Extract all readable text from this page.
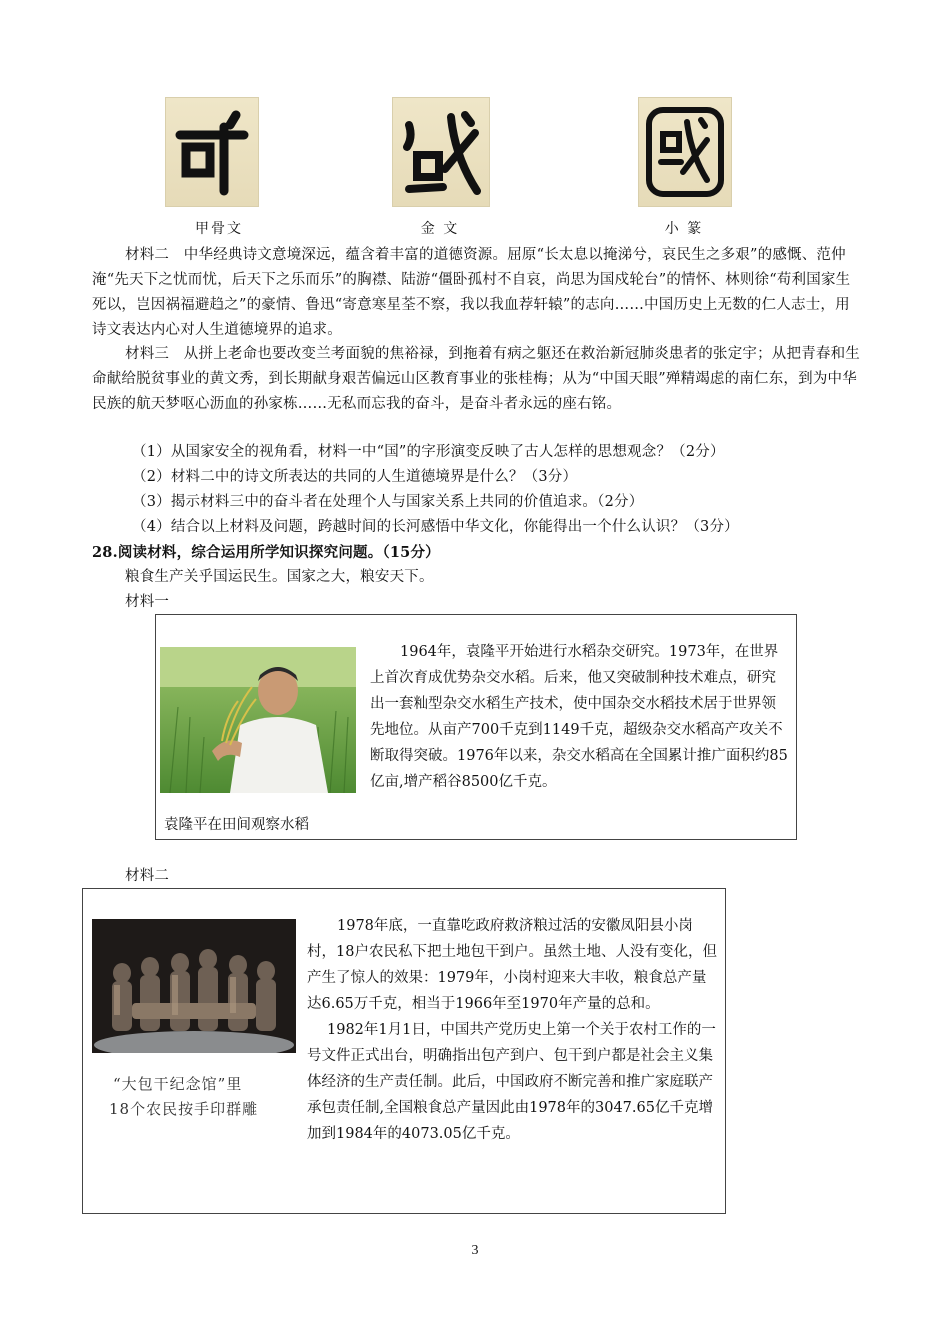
甲骨文	金 文	小 篆
材料二　中华经典诗文意境深远，蕴含着丰富的道德资源。屈原“长太息以掩涕兮，哀民生之多艰”的感慨、范仲淹“先天下之忧而忧，后天下之乐而乐”的胸襟、陆游“僵卧孤村不自哀，尚思为国戍轮台”的情怀、林则徐“苟利国家生死以，岂因祸福避趋之”的豪情、鲁迅“寄意寒星荃不察，我以我血荐轩辕”的志向……中国历史上无数的仁人志士，用诗文表达内心对人生道德境界的追求。
材料三　从拼上老命也要改变兰考面貌的焦裕禄，到拖着有病之躯还在救治新冠肺炎患者的张定宇；从把青春和生命献给脱贫事业的黄文秀，到长期献身艰苦偏远山区教育事业的张桂梅；从为“中国天眼”殚精竭虑的南仁东，到为中华民族的航天梦呕心沥血的孙家栋……无私而忘我的奋斗，是奋斗者永远的座右铭。
（1）从国家安全的视角看，材料一中“国”的字形演变反映了古人怎样的思想观念？（2分）
（2）材料二中的诗文所表达的共同的人生道德境界是什么？（3分）
（3）揭示材料三中的奋斗者在处理个人与国家关系上共同的价值追求。（2分）
（4）结合以上材料及问题，跨越时间的长河感悟中华文化，你能得出一个什么认识？（3分）
28.阅读材料，综合运用所学知识探究问题。（15分）
粮食生产关乎国运民生。国家之大，粮安天下。
材料一
袁隆平在田间观察水稻
1964年，袁隆平开始进行水稻杂交研究。1973年，在世界上首次育成优势杂交水稻。后来，他又突破制种技术难点，研究出一套籼型杂交水稻生产技术，使中国杂交水稻技术居于世界领先地位。从亩产700千克到1149千克，超级杂交水稻高产攻关不断取得突破。1976年以来，杂交水稻高在全国累计推广面积约85亿亩,增产稻谷8500亿千克。
材料二
“大包干纪念馆”里
18个农民按手印群雕

1978年底，一直靠吃政府救济粮过活的安徽凤阳县小岗村，18户农民私下把土地包干到户。虽然土地、人没有变化，但产生了惊人的效果：1979年，小岗村迎来大丰收，粮食总产量达6.65万千克，相当于1966年至1970年产量的总和。

1982年1月1日，中国共产党历史上第一个关于农村工作的一号文件正式出台，明确指出包产到户、包干到户都是社会主义集体经济的生产责任制。此后，中国政府不断完善和推广家庭联产承包责任制,全国粮食总产量因此由1978年的3047.65亿千克增加到1984年的4073.05亿千克。

3
